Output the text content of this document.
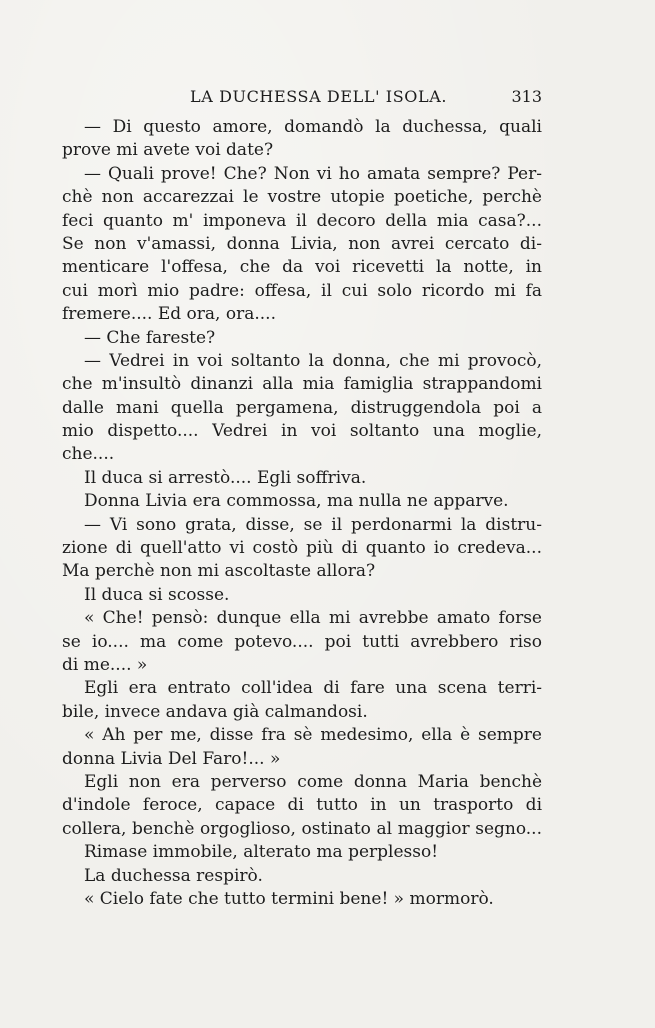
LA DUCHESSA DELL' ISOLA.	313
— Di questo amore, domandò la duchessa, quali
prove mi avete voi date?
— Quali prove! Che? Non vi ho amata sempre? Per-
chè non accarezzai le vostre utopie poetiche, perchè
feci quanto m' imponeva il decoro della mia casa?...
Se non v'amassi, donna Livia, non avrei cercato di-
menticare l'offesa, che da voi ricevetti la notte, in
cui morì mio padre: offesa, il cui solo ricordo mi fa
fremere.... Ed ora, ora....
— Che fareste?
— Vedrei in voi soltanto la donna, che mi provocò,
che m'insultò dinanzi alla mia famiglia strappandomi
dalle mani quella pergamena, distruggendola poi a
mio dispetto.... Vedrei in voi soltanto una moglie,
che....
Il duca si arrestò.... Egli soffriva.
Donna Livia era commossa, ma nulla ne apparve.
— Vi sono grata, disse, se il perdonarmi la distru-
zione di quell'atto vi costò più di quanto io credeva...
Ma perchè non mi ascoltaste allora?
Il duca si scosse.
« Che! pensò: dunque ella mi avrebbe amato forse
se io.... ma come potevo.... poi tutti avrebbero riso
di me.... »
Egli era entrato coll'idea di fare una scena terri-
bile, invece andava già calmandosi.
« Ah per me, disse fra sè medesimo, ella è sempre
donna Livia Del Faro!... »
Egli non era perverso come donna Maria benchè
d'indole feroce, capace di tutto in un trasporto di
collera, benchè orgoglioso, ostinato al maggior segno...
Rimase immobile, alterato ma perplesso!
La duchessa respirò.
« Cielo fate che tutto termini bene! » mormorò.
